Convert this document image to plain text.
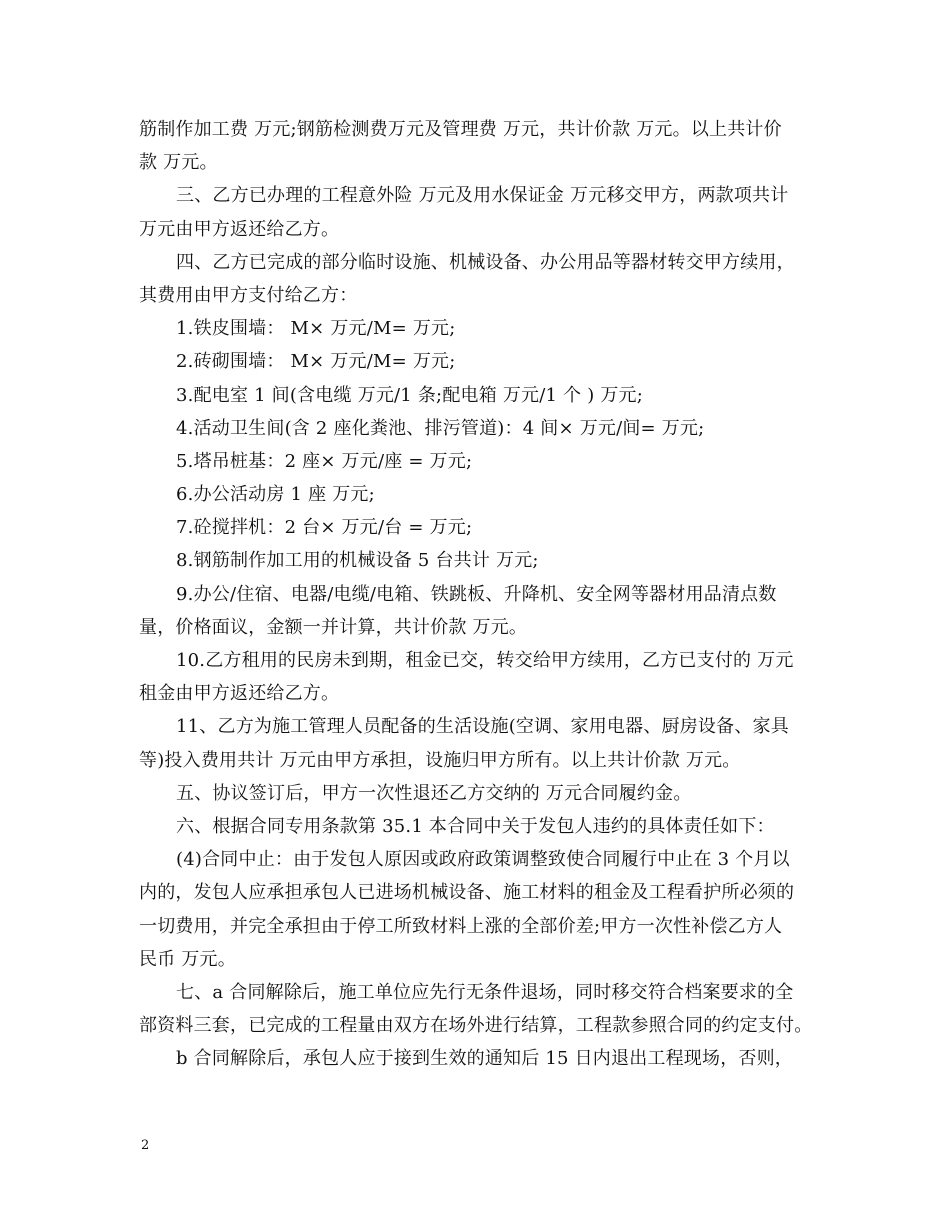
筋制作加工费 万元;钢筋检测费万元及管理费 万元，共计价款 万元。以上共计价
款 万元。
三、乙方已办理的工程意外险 万元及用水保证金 万元移交甲方，两款项共计
万元由甲方返还给乙方。
四、乙方已完成的部分临时设施、机械设备、办公用品等器材转交甲方续用，
其费用由甲方支付给乙方：
1.铁皮围墙： M× 万元/M= 万元;
2.砖砌围墙： M× 万元/M= 万元;
3.配电室 1 间(含电缆 万元/1 条;配电箱 万元/1 个 ) 万元;
4.活动卫生间(含 2 座化粪池、排污管道)：4 间× 万元/间= 万元;
5.塔吊桩基：2 座× 万元/座 = 万元;
6.办公活动房 1 座 万元;
7.砼搅拌机：2 台× 万元/台 = 万元;
8.钢筋制作加工用的机械设备 5 台共计 万元;
9.办公/住宿、电器/电缆/电箱、铁跳板、升降机、安全网等器材用品清点数
量，价格面议，金额一并计算，共计价款 万元。
10.乙方租用的民房未到期，租金已交，转交给甲方续用，乙方已支付的 万元
租金由甲方返还给乙方。
11、乙方为施工管理人员配备的生活设施(空调、家用电器、厨房设备、家具
等)投入费用共计 万元由甲方承担，设施归甲方所有。以上共计价款 万元。
五、协议签订后，甲方一次性退还乙方交纳的 万元合同履约金。
六、根据合同专用条款第 35.1 本合同中关于发包人违约的具体责任如下：
(4)合同中止：由于发包人原因或政府政策调整致使合同履行中止在 3 个月以
内的，发包人应承担承包人已进场机械设备、施工材料的租金及工程看护所必须的
一切费用，并完全承担由于停工所致材料上涨的全部价差;甲方一次性补偿乙方人
民币 万元。
七、a 合同解除后，施工单位应先行无条件退场，同时移交符合档案要求的全
部资料三套，已完成的工程量由双方在场外进行结算，工程款参照合同的约定支付。
b 合同解除后，承包人应于接到生效的通知后 15 日内退出工程现场，否则，
2
